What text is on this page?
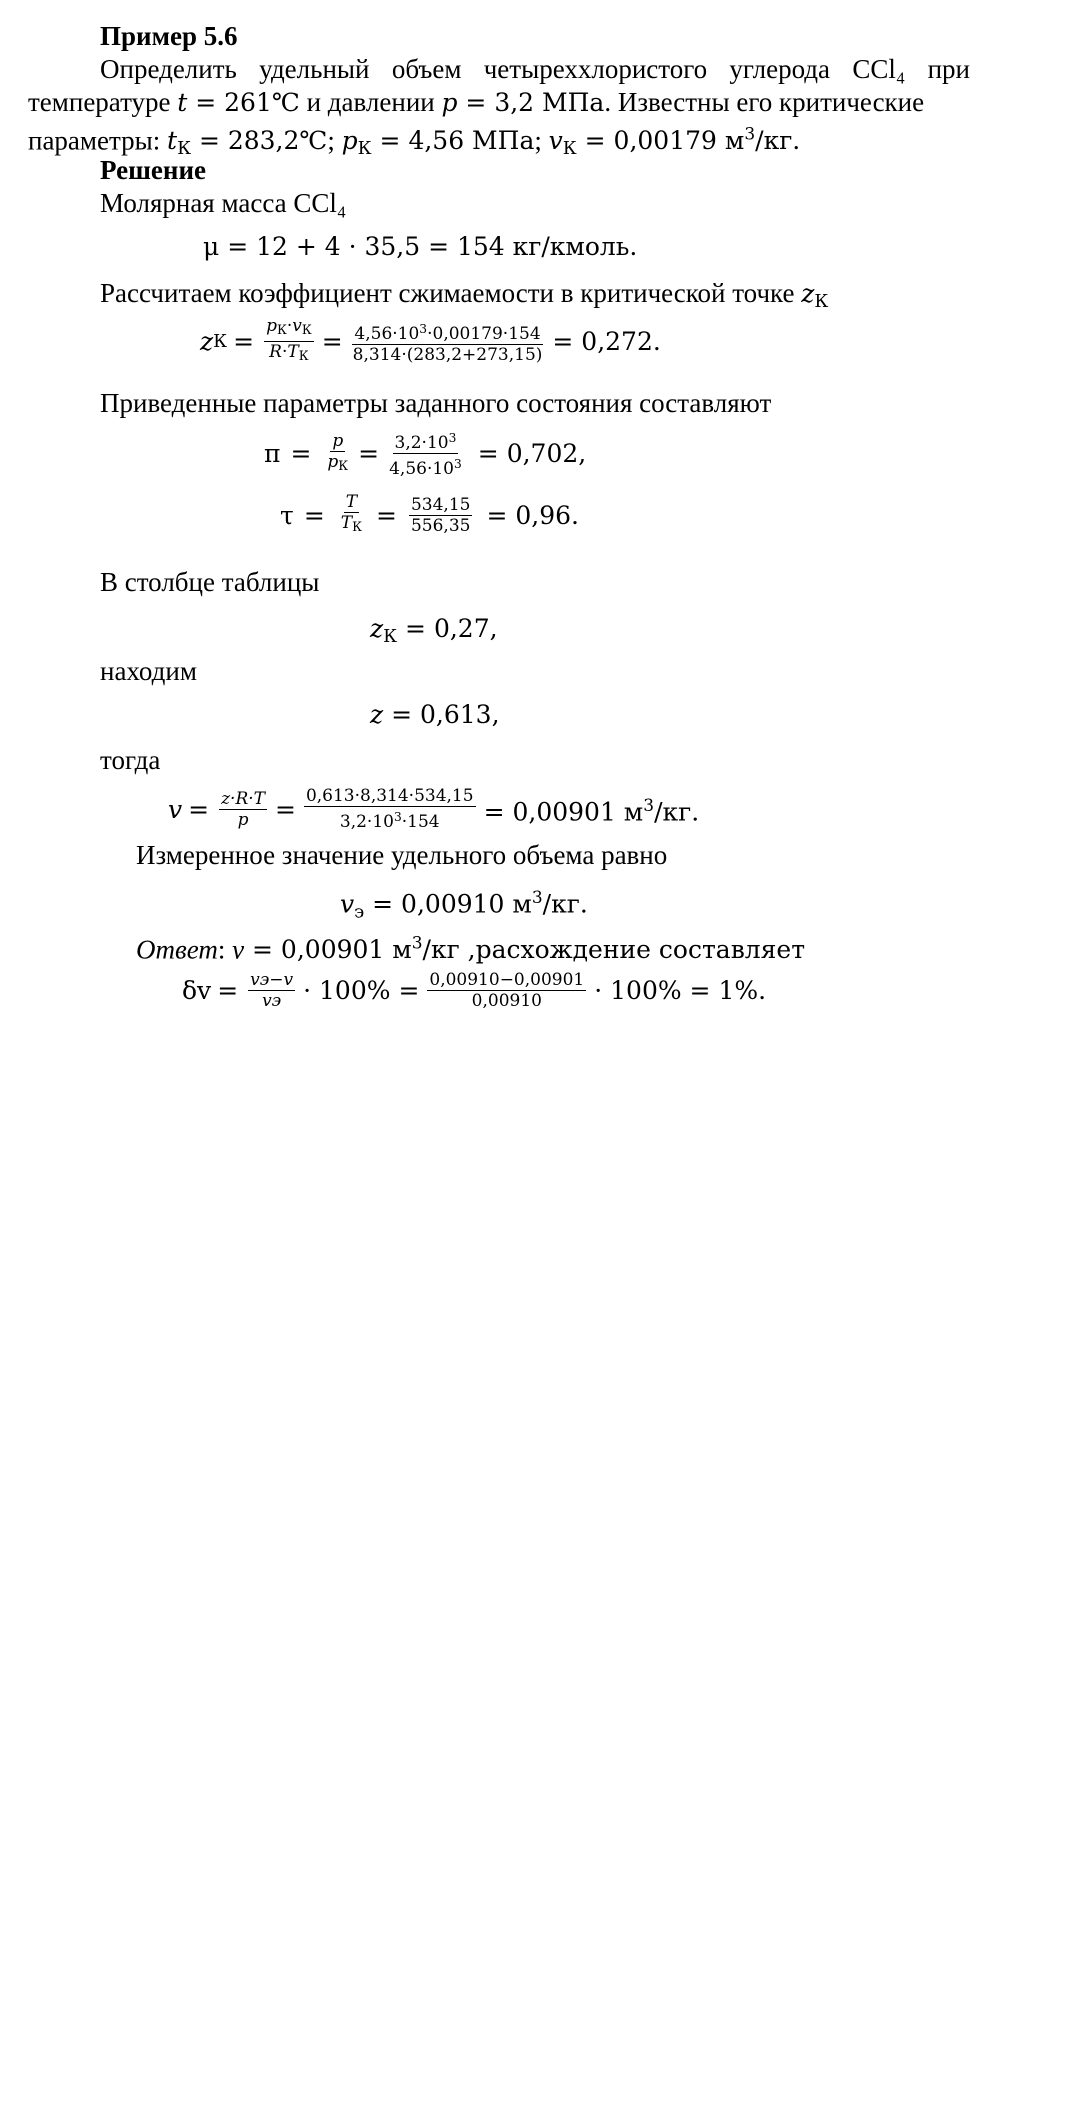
Пример 5.6
Определить удельный объем четыреххлористого углерода CCl₄ при
температуре t = 261℃ и давлении p = 3,2 МПа. Известны его критические
параметры: $t_К$ = 283,2℃; $p_К = 4,56$ МПа; $v_К = 0,00179$ $м^3/кг$.
Решение
Молярная масса CCl₄
μ = 12 + 4 · 35,5 = 154 кг/кмоль.
Рассчитаем коэффициент сжимаемости в критической точке $z_К$
z $К = \frac{p_К\cdot v_К}{R\cdot T_К} = \frac{4,56\cdot 10^3\cdot 0,00179\cdot 154}{8,314\cdot(283,2+273,15)} = 0,272$.
Приведенные параметры заданного состояния составляют
$\pi = \frac{p}{p_К} = \frac{3,2\cdot 10^3}{4,56\cdot 10^3} = 0,702$,
$\tau = \frac{T}{T_К} = \frac{534,15}{556,35} = 0,96$.
В столбце таблицы
$z_К = 0,27$,
находим
z = 0,613,
тогда
$v = \frac{z\cdot R\cdot T}{p} = \frac{0,613\cdot 8,314\cdot 534,15}{3,2\cdot 10^3\cdot 154} = 0,00901$ $м^3/кг$.
Измеренное значение удельного объема равно
$v_э = 0,00910$ $м^3/кг$.
Ответ: v = 0,00901 $м^3/кг$ ,расхождение составляет
$\delta v = \frac{vэ-v}{vэ} \cdot 100\% = \frac{0,00910-0,00901}{0,00910} \cdot 100\% = 1\%$.
